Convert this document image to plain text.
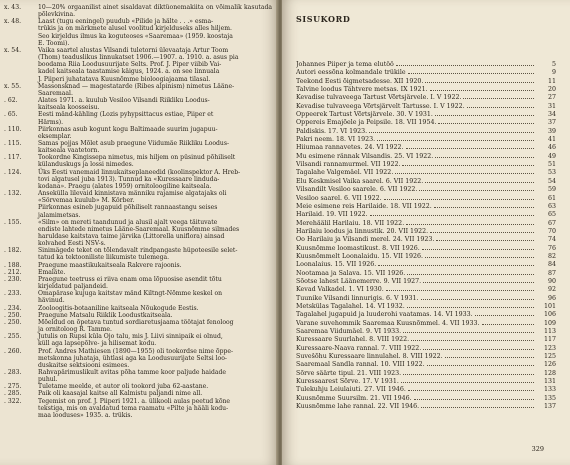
x. 43.	10—20% orgaanilist ainet sisaldavat diktüonemakiita on võimalik kasutada põlevkivina.
x. 48.	Laast (tugu eeningel) puudub «Pilide ja hälte . . .» esma-
trükis ja on märkmete alusel voolitud kirjelduseks alles hiljem.
Seo kirjeldus ilmus ka koguteoses «Saaremaa» (1959. koostaja
E. Toomi).
x. 54.	Vaika saartel alustas Vilsandi tuletorni ülevaataja Artur Toom
(Thom) teaduslikus linnukatset 1906.—1907. a. 1910. a. asus pia
boodama Riia Loodusuurijate Selts. Prof. J. Piper viibib Vai-
kadel kaitseala taastamise käigus, 1924. a. on see linnuala
J. Piiperi juhatatava Kuusnõmme bioloogiajaama tilasal.
x. 55.	Massonsknad — magestatarde (Ribes alpinism) nimetus Lääne-
Saaremaal.
. 62.	Alates 1971. a. kuulub Vesiloo Vilsandi Riikliku Loodus-
kaitseala koosseisu.
. 65.	Eesti mänd-kähling (Lozis pyhypsittacus estiae, Piiper et
Härms).
. 110.	Piirkonnas asub kogunt kogu Baltimaade suurim jugapuu-
eksemplar.
. 115.	Samas pojjas Mõlet asub praegune Viidumäe Riikliku Loodus-
kaitseala vaatetorn.
. 117.	Tookordne Kingissepa nimetus, mis hiljem on püsinud põhiliselt
külanduskugs ja lossi nimedes.
. 124.	Üks Eesti vanemaid linnukaitseplaneedid (koolinspektor A. Hreb-
tovi algatusel juba 1913). Tunnud ka «Kuressaare linduda-
kodana». Praegu (alates 1959) ornitoloogiline kaitseala.
. 132.	Ansekülla lilevaid kinnistava männiku rajamise algatajaks oli
«Sörvemaa kuulub» M. Körber.
Piirkonnas esineb jugapuid põhiliselt rannaastangu seises
jalamimetsas.
. 155.	«Silm» on mereti taandunud ja alusil ajalt veega täituvate
endiste lahtede nimetus Lääne-Saaremaal. Kuusnõmme silmades
haruldase kaitstava taime järvika (Littorella uniflora) ainsad
kolvahed Eesti NSV-s.
. 182.	Sinimägede teket on tõlendavalt rindpangaste hüpoteesile selet-
tatud ka tektooniliste liikumiste tulemega.
. 188.	Praegune maastikukaitseala Rakvere rajoonis.
. 212.	Emaläte.
. 230.	Praegune teetruss ei riiva enam oma lõpuosise asendit tõtu
kirjeldatud paljandeid.
. 233.	Omapärase kujuga kaitstav mänd Kiltngt-Nõmme keskel on
hävinud.
. 234.	Zooloogitis-botaaniline kaitseala Nõukogude Eestis.
. 250.	Praegune Matsalu Riiklik Loodustkaitseala.
. 250.	Mõeldud on õpetava tuntud sordiaretusjaama töötajat fenoloog
ja ornitoloog R. Tamme.
. 255.	Jutulis on Rupsi küla Ojo talu, mis J. Liivi sinnipaik ei olnud,
küll aga lapsepõlve- ja hilisemat kodu.
. 260.	Prof. Andres Mathiesen (1890—1955) oli tookordse nime õppe-
metskonna juhataja, ühtlasi aga ka Loodusuurijate Seltsi loo-
duskaitse sektsiooni esimees.
. 283.	Rahvapärimuslikult avitas põha tamme koor paljude haidade
puhul.
. 275.	Tuletame meelde, et autor oli tookord juba 62-aastane.
. 285.	Paik oli kaasajal kaitse all Kalmistu paljandi nime all.
. 322.	Tegemist on prof. J. Piiperi 1921. a. ülikooli aulas peetud kõne
tekstiga, mis on avaldatud tema raamatu «Pilte ja hääli kodu-
maa looduses» 1935. a. trükis.
SISUKORD
Johannes Piiper ja tema elutöö	5
Autori eessõna kolmandale trükile	9
Teekond Eesti õigmetsadesse. XII 1920.	11
Talvine loodus Tähtvere metsas. IX 1921.	20
Kevadise tulvaveega Tartust Võrtsjärvele. I. V 1922.	27
Kevadise tulvaveega Võrtsjärvelt Tartusse. I. V 1922.	31
Õppeerek Tartust Võrtsjärvele. 30. V 1931.	34
Õppereis Emajõele ja Peipsile. 18. VII 1954.	37
Paldiskis. 17. VI 1923.	39
Pakri neem. 18. VI 1923.	41
Hiiumaa rannavetes. 24. VI 1922.	46
Mu esimene rännak Vilsandis. 25. VI 1922.	49
Vilsandi rannamurmel. VII 1922.	51
Tagalahe Valgemäel. VII 1922.	53
Elu Keskmisel Vaika saarel. 6. VII 1922.	54
Vilsandilt Vesiloo saarele. 6. VII 1922.	59
Vesiloo saarel. 6. VII 1922.	61
Meie esimene reis Harilaide. 18. VII 1922.	63
Harilaid. 19. VII 1922.	65
Merehäälil Harilaiu. 18. VII 1922.	67
Harilaiu loodus ja linnustik. 20. VII 1922.	70
Oo Harilaiu ja Vilsandi merel. 24. VII 1923.	74
Kuusnõmme loomastikust. 8. VII 1926.	76
Kuusnõmmelt Loonalaidu. 15. VII 1926.	82
Loonalaius. 15. VII 1926.	84
Nootamaa ja Salava. 15. VII 1926.	87
Sõotse lahest Läänemerre. 9. VII 1927.	90
Kevad Valkadel. 1. VI 1930.	92
Tuunike Vilsandi linnurigis. 6. V 1931.	96
Metskülas Tagalahel. 14. VI 1932.	101
Tagalahel jugapuid ja luuderohi vaatamas. 14. VI 1933.	106
Varane suvehommik Saaremaa Kuusnõmmel. 4. VII 1933.	109
Saaremaa Viidumäel. 9. VI 1933.	113
Kuressaare Suurlahel. 8. VIII 1922.	117
Kuressaare-Naava rannal. 7. VIII 1922.	123
Suvešõhu Kuressaare linnulahel. 8. VIII 1922.	125
Saaremaal Sandla rannal. 10. VIII 1922.	126
Sõrve säärte tipul. 21. VIII 1923.	128
Kuressaarest Sõrve. 17. V 1931.	131
Tulekuhju Leiulaiuti. 27. VII 1946.	133
Kuusnõmme Suursilm. 21. VII 1946.	135
Kuusnõmme lahe rannal. 22. VII 1946.	137
329
